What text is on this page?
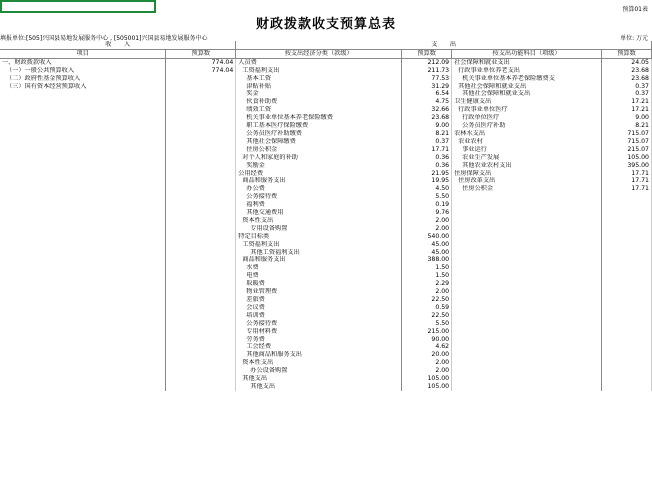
预算01表
财政拨款收支预算总表
填报单位:[505]兴国县易地发展服务中心 , [505001]兴国县易地发展服务中心	单位: 万元
收　　入		支　　出			
项目	预算数	按支出经济分类（款级）	预算数	按支出功能科目（项级）	预算数
一、财政拨款收入	774.04	人员费	212.09	社会保障和就业支出	24.05
（一）一般公共预算收入	774.04	工资福利支出	211.73	行政事业单位养老支出	23.68
（二）政府性基金预算收入		基本工资	77.53	机关事业单位基本养老保险缴费支	23.68
（三）国有资本经营预算收入		津贴补贴	31.29	其他社会保障和就业支出	0.37
		奖金	6.54	其他社会保障和就业支出	0.37
		伙食补助费	4.75	卫生健康支出	17.21
		绩效工资	32.66	行政事业单位医疗	17.21
		机关事业单位基本养老保险缴费	23.68	行政单位医疗	9.00
		职工基本医疗保险缴费	9.00	公务员医疗补助	8.21
		公务员医疗补助缴费	8.21	农林水支出	715.07
		其他社会保障缴费	0.37	农业农村	715.07
		住房公积金	17.71	事业运行	215.07
		对个人和家庭的补助	0.36	农业生产发展	105.00
		奖励金	0.36	其他农业农村支出	395.00
		公用经费	21.95	住房保障支出	17.71
		商品和服务支出	19.95	住房改革支出	17.71
		办公费	4.50	住房公积金	17.71
		公务接待费	5.50		
		福利费	0.19		
		其他交通费用	9.76		
		资本性支出	2.00		
		专用设备购置	2.00		
		特定目标类	540.00		
		工资福利支出	45.00		
		其他工资福利支出	45.00		
		商品和服务支出	388.00		
		水费	1.50		
		电费	1.50		
		取暖费	2.29		
		物业管理费	2.00		
		差旅费	22.50		
		会议费	0.59		
		培训费	22.50		
		公务接待费	5.50		
		专用材料费	215.00		
		劳务费	90.00		
		工会经费	4.62		
		其他商品和服务支出	20.00		
		资本性支出	2.00		
		办公设备购置	2.00		
		其他支出	105.00		
		其他支出	105.00		
